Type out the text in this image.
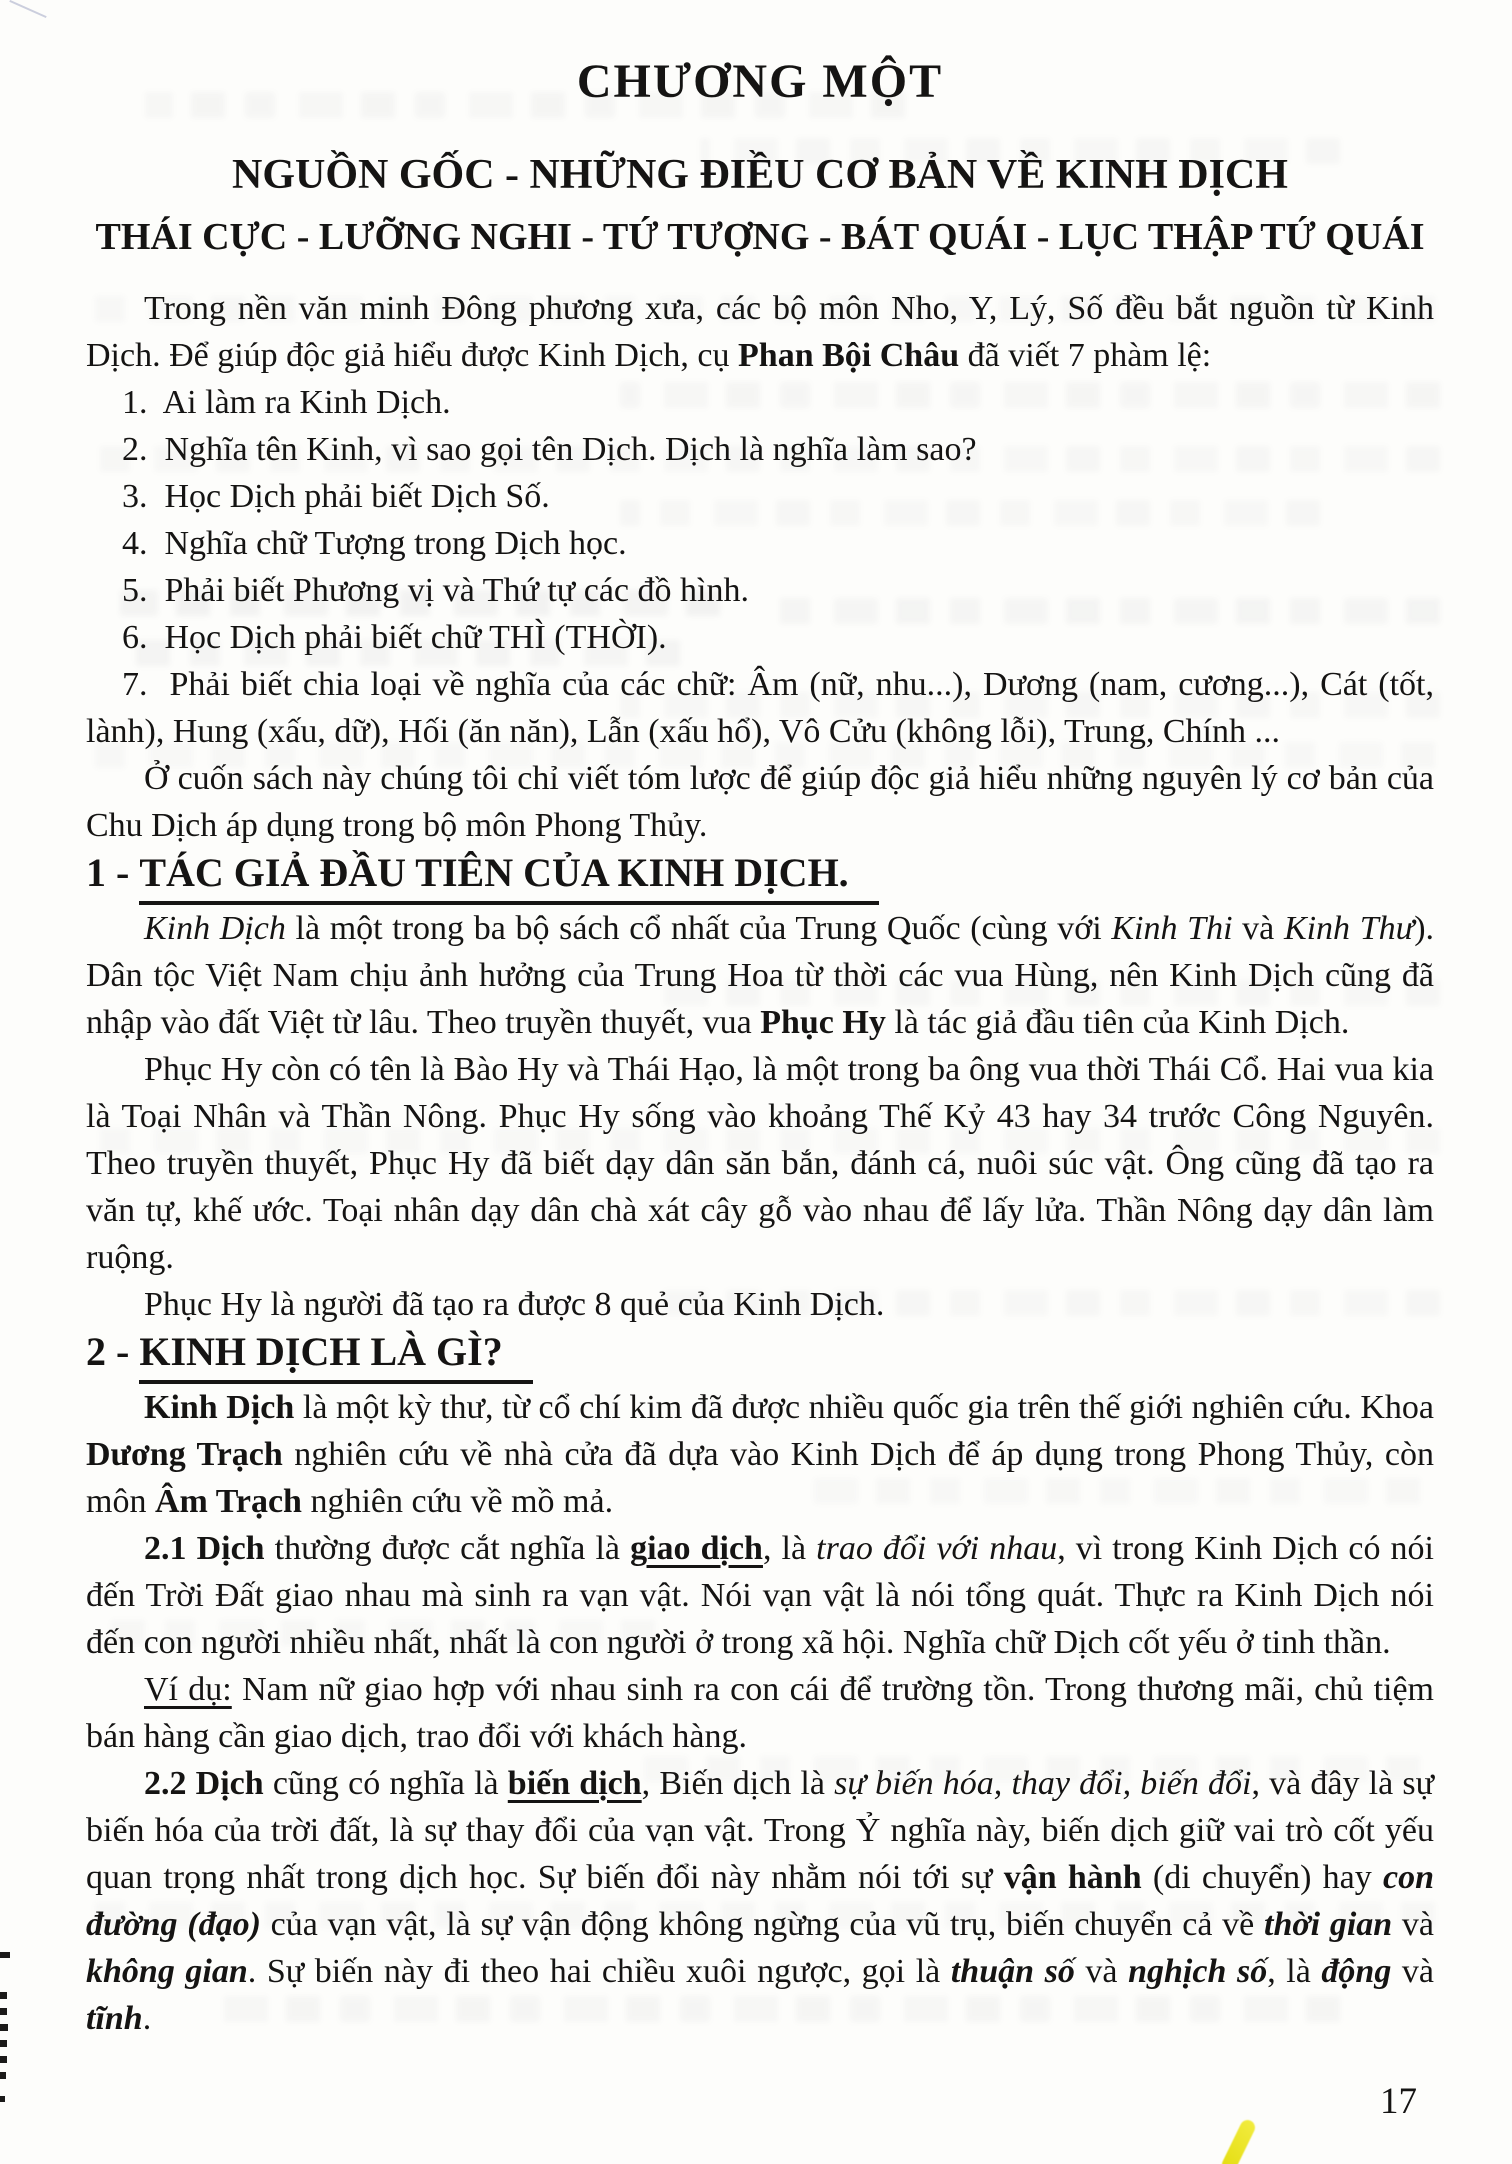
CHƯƠNG MỘT
NGUỒN GỐC - NHỮNG ĐIỀU CƠ BẢN VỀ KINH DỊCH
THÁI CỰC - LƯỠNG NGHI - TỨ TƯỢNG - BÁT QUÁI - LỤC THẬP TỨ QUÁI

Trong nền văn minh Đông phương xưa, các bộ môn Nho, Y, Lý, Số đều bắt nguồn từ Kinh Dịch. Để giúp độc giả hiểu được Kinh Dịch, cụ Phan Bội Châu đã viết 7 phàm lệ:

1.  Ai làm ra Kinh Dịch.

2.  Nghĩa tên Kinh, vì sao gọi tên Dịch. Dịch là nghĩa làm sao?

3.  Học Dịch phải biết Dịch Số.

4.  Nghĩa chữ Tượng trong Dịch học.

5.  Phải biết Phương vị và Thứ tự các đồ hình.

6.  Học Dịch phải biết chữ THÌ (THỜI).

7.  Phải biết chia loại về nghĩa của các chữ: Âm (nữ, nhu...), Dương (nam, cương...), Cát (tốt, lành), Hung (xấu, dữ), Hối (ăn năn), Lẫn (xấu hổ), Vô Cửu (không lỗi), Trung, Chính ...

Ở cuốn sách này chúng tôi chỉ viết tóm lược để giúp độc giả hiểu những nguyên lý cơ bản của Chu Dịch áp dụng trong bộ môn Phong Thủy.

1 - TÁC GIẢ ĐẦU TIÊN CỦA KINH DỊCH.

Kinh Dịch là một trong ba bộ sách cổ nhất của Trung Quốc (cùng với Kinh Thi và Kinh Thư). Dân tộc Việt Nam chịu ảnh hưởng của Trung Hoa từ thời các vua Hùng, nên Kinh Dịch cũng đã nhập vào đất Việt từ lâu. Theo truyền thuyết, vua Phục Hy là tác giả đầu tiên của Kinh Dịch.

Phục Hy còn có tên là Bào Hy và Thái Hạo, là một trong ba ông vua thời Thái Cổ. Hai vua kia là Toại Nhân và Thần Nông. Phục Hy sống vào khoảng Thế Kỷ 43 hay 34 trước Công Nguyên. Theo truyền thuyết, Phục Hy đã biết dạy dân săn bắn, đánh cá, nuôi súc vật. Ông cũng đã tạo ra văn tự, khế ước. Toại nhân dạy dân chà xát cây gỗ vào nhau để lấy lửa. Thần Nông dạy dân làm ruộng.

Phục Hy là người đã tạo ra được 8 quẻ của Kinh Dịch.

2 - KINH DỊCH LÀ GÌ?

Kinh Dịch là một kỳ thư, từ cổ chí kim đã được nhiều quốc gia trên thế giới nghiên cứu. Khoa Dương Trạch nghiên cứu về nhà cửa đã dựa vào Kinh Dịch để áp dụng trong Phong Thủy, còn môn Âm Trạch nghiên cứu về mồ mả.

2.1 Dịch thường được cắt nghĩa là giao dịch, là trao đổi với nhau, vì trong Kinh Dịch có nói đến Trời Đất giao nhau mà sinh ra vạn vật. Nói vạn vật là nói tổng quát. Thực ra Kinh Dịch nói đến con người nhiều nhất, nhất là con người ở trong xã hội. Nghĩa chữ Dịch cốt yếu ở tinh thần.

Ví dụ: Nam nữ giao hợp với nhau sinh ra con cái để trường tồn. Trong thương mãi, chủ tiệm bán hàng cần giao dịch, trao đổi với khách hàng.

2.2 Dịch cũng có nghĩa là biến dịch, Biến dịch là sự biến hóa, thay đổi, biến đổi, và đây là sự biến hóa của trời đất, là sự thay đổi của vạn vật. Trong Ỷ nghĩa này, biến dịch giữ vai trò cốt yếu quan trọng nhất trong dịch học. Sự biến đổi này nhằm nói tới sự vận hành (di chuyển) hay con đường (đạo) của vạn vật, là sự vận động không ngừng của vũ trụ, biến chuyển cả về thời gian và không gian. Sự biến này đi theo hai chiều xuôi ngược, gọi là thuận số và nghịch số, là động và tĩnh.

17
